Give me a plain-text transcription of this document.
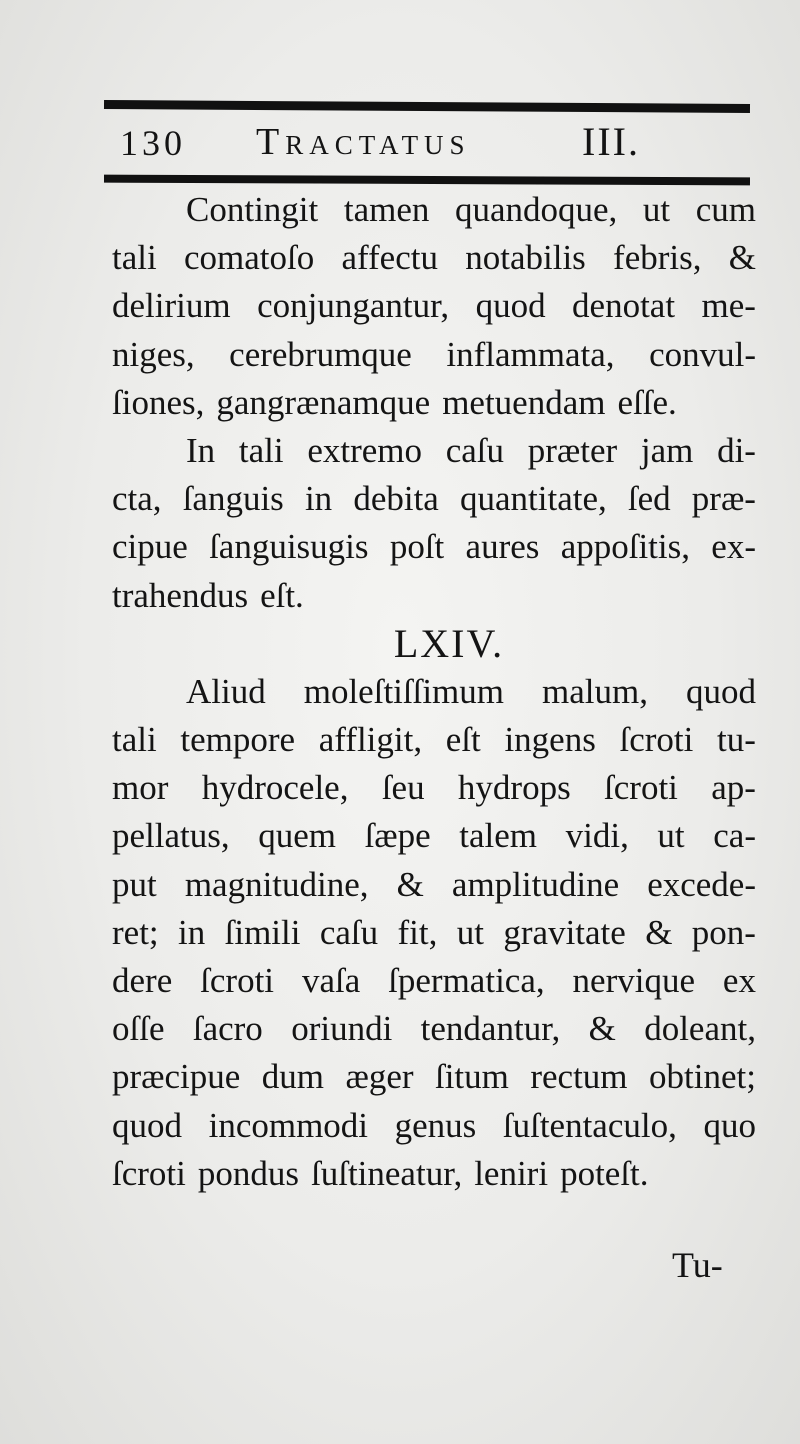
130 Tractatus	III.
Contingit tamen quandoque, ut cum
tali comatoſo affectu notabilis febris, &
delirium conjungantur, quod denotat me-
niges, cerebrumque inflammata, convul-
ſiones, gangrænamque metuendam eſſe.
In tali extremo caſu præter jam di-
cta, ſanguis in debita quantitate, ſed præ-
cipue ſanguisugis poſt aures appoſitis, ex-
trahendus eſt.
LXIV.
Aliud moleſtiſſimum malum, quod
tali tempore affligit, eſt ingens ſcroti tu-
mor hydrocele, ſeu hydrops ſcroti ap-
pellatus, quem ſæpe talem vidi, ut ca-
put magnitudine, & amplitudine excede-
ret; in ſimili caſu fit, ut gravitate & pon-
dere ſcroti vaſa ſpermatica, nervique ex
oſſe ſacro oriundi tendantur, & doleant,
præcipue dum æger ſitum rectum obtinet;
quod incommodi genus ſuſtentaculo, quo
ſcroti pondus ſuſtineatur, leniri poteſt.
Tu-
